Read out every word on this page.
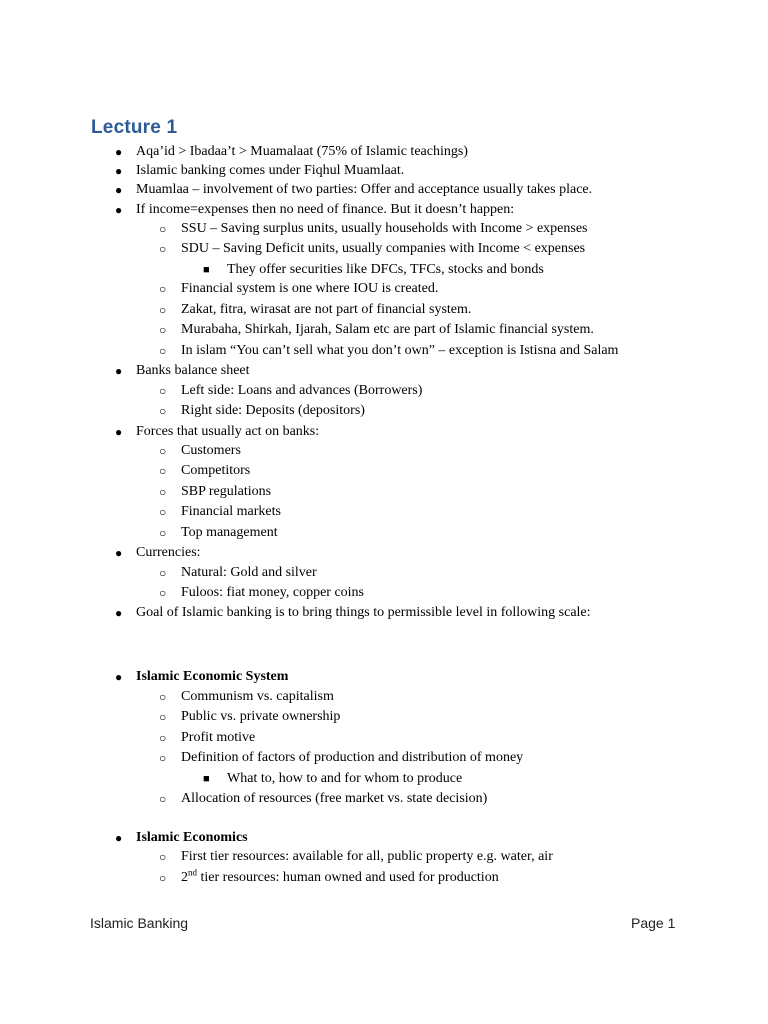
Lecture 1
● Aqa’id > Ibadaa’t > Muamalaat (75% of Islamic teachings)
● Islamic banking comes under Fiqhul Muamlaat.
● Muamlaa – involvement of two parties: Offer and acceptance usually takes place.
● If income=expenses then no need of finance. But it doesn’t happen:
○ SSU – Saving surplus units, usually households with Income > expenses
○ SDU – Saving Deficit units, usually companies with Income < expenses
■ They offer securities like DFCs, TFCs, stocks and bonds
○ Financial system is one where IOU is created.
○ Zakat, fitra, wirasat are not part of financial system.
○ Murabaha, Shirkah, Ijarah, Salam etc are part of Islamic financial system.
○ In islam “You can’t sell what you don’t own” – exception is Istisna and Salam
● Banks balance sheet
○ Left side: Loans and advances (Borrowers)
○ Right side: Deposits (depositors)
● Forces that usually act on banks:
○ Customers
○ Competitors
○ SBP regulations
○ Financial markets
○ Top management
● Currencies:
○ Natural: Gold and silver
○ Fuloos: fiat money, copper coins
● Goal of Islamic banking is to bring things to permissible level in following scale:
● Islamic Economic System
○ Communism vs. capitalism
○ Public vs. private ownership
○ Profit motive
○ Definition of factors of production and distribution of money
■ What to, how to and for whom to produce
○ Allocation of resources (free market vs. state decision)
● Islamic Economics
○ First tier resources: available for all, public property e.g. water, air
○ 2nd tier resources: human owned and used for production
Islamic Banking	Page 1
